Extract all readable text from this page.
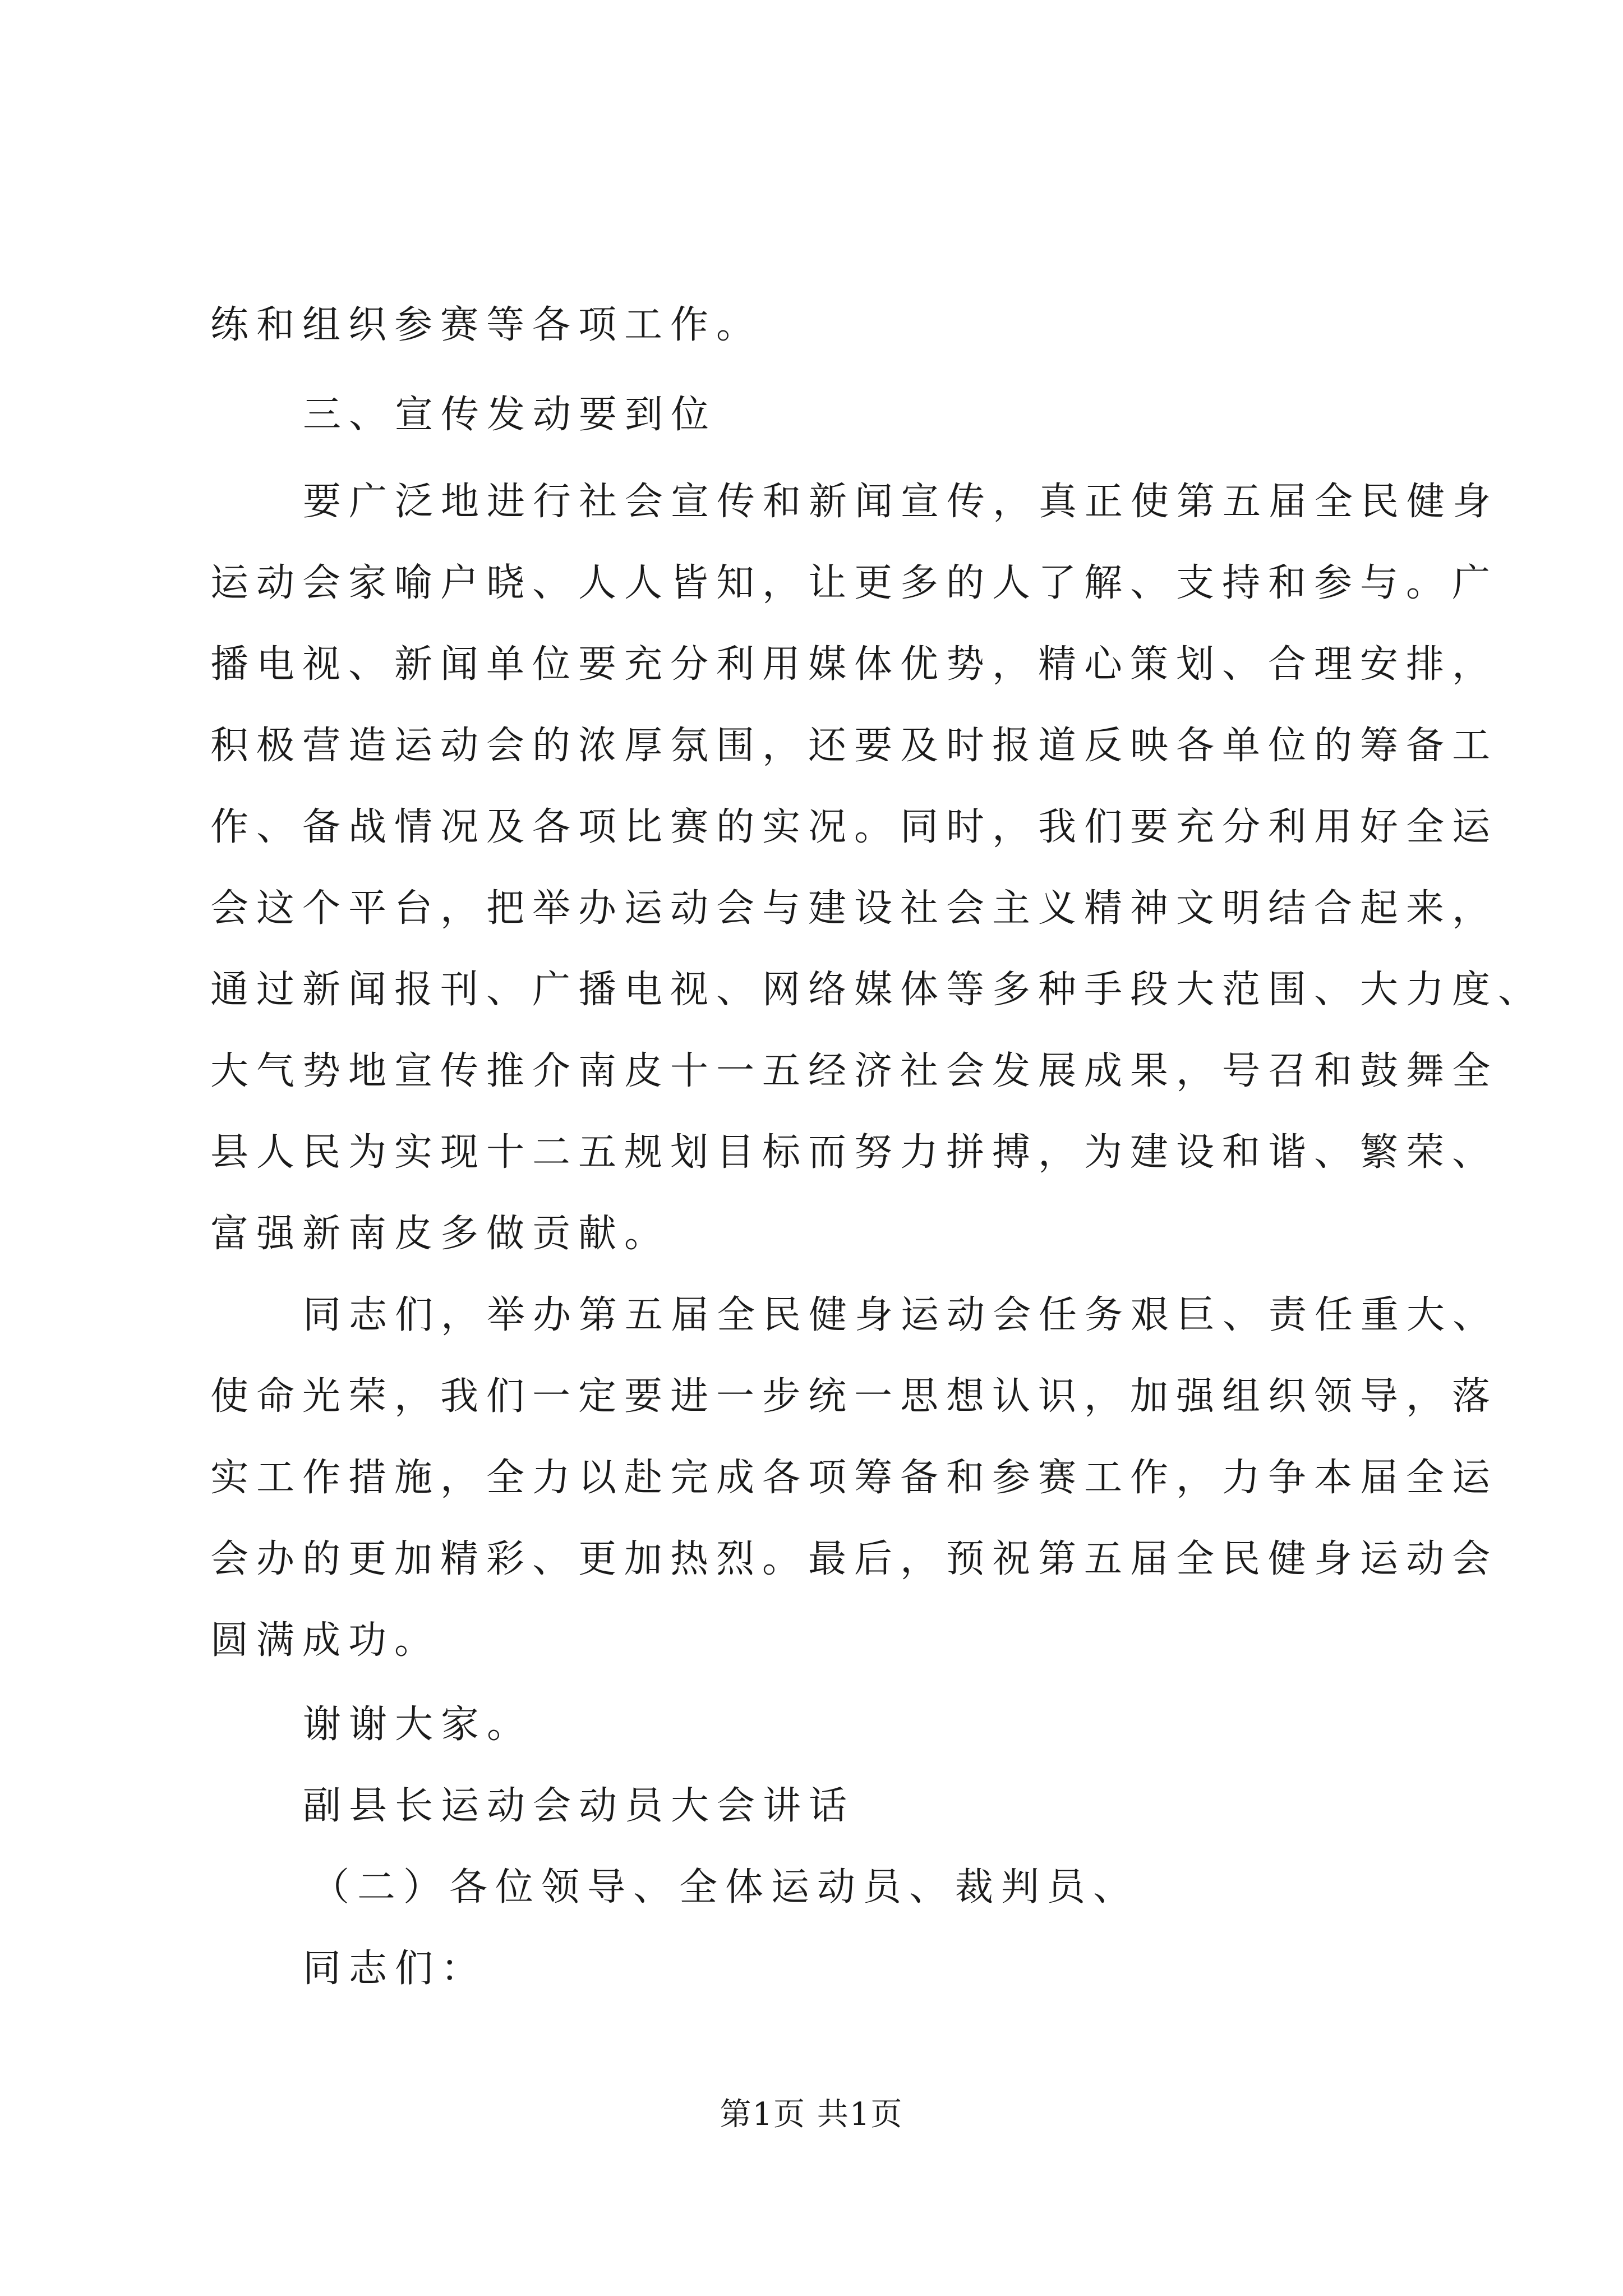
练和组织参赛等各项工作。
三、宣传发动要到位
要广泛地进行社会宣传和新闻宣传，真正使第五届全民健身
运动会家喻户晓、人人皆知，让更多的人了解、支持和参与。广
播电视、新闻单位要充分利用媒体优势，精心策划、合理安排，
积极营造运动会的浓厚氛围，还要及时报道反映各单位的筹备工
作、备战情况及各项比赛的实况。同时，我们要充分利用好全运
会这个平台，把举办运动会与建设社会主义精神文明结合起来，
通过新闻报刊、广播电视、网络媒体等多种手段大范围、大力度、
大气势地宣传推介南皮十一五经济社会发展成果，号召和鼓舞全
县人民为实现十二五规划目标而努力拼搏，为建设和谐、繁荣、
富强新南皮多做贡献。
同志们，举办第五届全民健身运动会任务艰巨、责任重大、
使命光荣，我们一定要进一步统一思想认识，加强组织领导，落
实工作措施，全力以赴完成各项筹备和参赛工作，力争本届全运
会办的更加精彩、更加热烈。最后，预祝第五届全民健身运动会
圆满成功。
谢谢大家。
副县长运动会动员大会讲话
（二）各位领导、全体运动员、裁判员、
同志们：
第1页 共1页
